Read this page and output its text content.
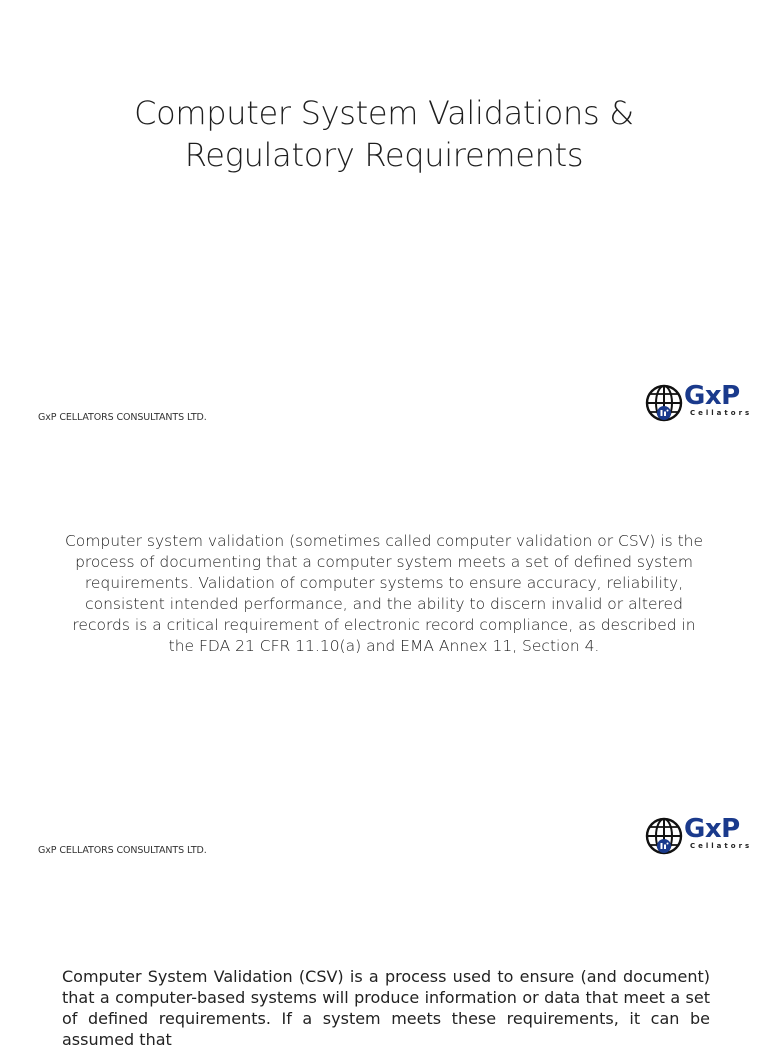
Computer System Validations &
Regulatory Requirements
GxP CELLATORS CONSULTANTS LTD.
GxP
Cellators
Computer system validation (sometimes called computer validation or CSV) is the process of documenting that a computer system meets a set of defined system requirements. Validation of computer systems to ensure accuracy, reliability, consistent intended performance, and the ability to discern invalid or altered records is a critical requirement of electronic record compliance, as described in the FDA 21 CFR 11.10(a) and EMA Annex 11, Section 4.
GxP CELLATORS CONSULTANTS LTD.
GxP
Cellators
Computer System Validation (CSV) is a process used to ensure (and document) that a computer-based systems will produce information or data that meet a set of defined requirements. If a system meets these requirements, it can be assumed that
